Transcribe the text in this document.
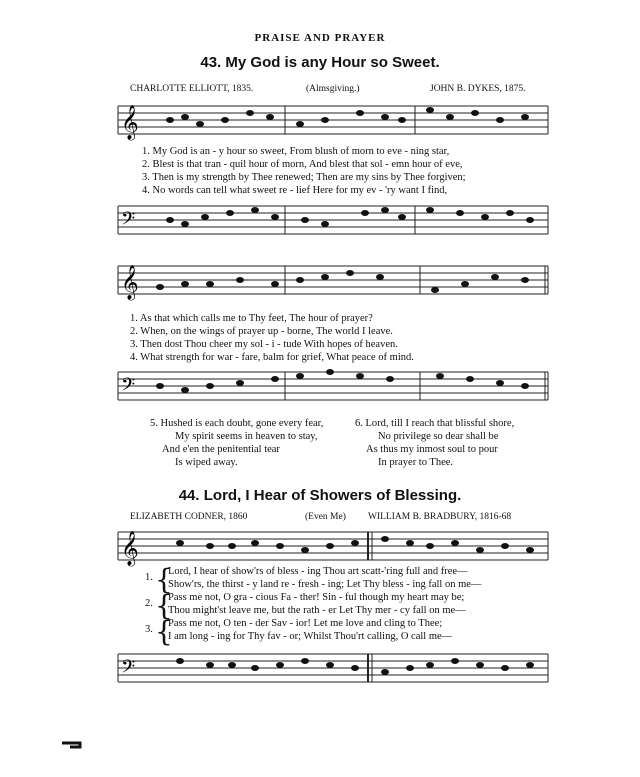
PRAISE AND PRAYER
43. My God is any Hour so Sweet.
CHARLOTTE ELLIOTT, 1835.	(Almsgiving.)	JOHN B. DYKES, 1875.
𝄞
1. My God is an - y hour so sweet, From blush of morn to eve - ning star,
2. Blest is that tran - quil hour of morn, And blest that sol - emn hour of eve,
3. Then is my strength by Thee renewed; Then are my sins by Thee forgiven;
4. No words can tell what sweet re - lief Here for my ev - 'ry want I find,
𝄢
𝄞
1. As that which calls me to Thy feet, The hour of prayer?
2. When, on the wings of prayer up - borne, The world I leave.
3. Then dost Thou cheer my sol - i - tude With hopes of heaven.
4. What strength for war - fare, balm for grief, What peace of mind.
𝄢
5. Hushed is each doubt, gone every fear,
My spirit seems in heaven to stay,
And e'en the penitential tear
Is wiped away.
6. Lord, till I reach that blissful shore,
No privilege so dear shall be
As thus my inmost soul to pour
In prayer to Thee.
44. Lord, I Hear of Showers of Blessing.
ELIZABETH CODNER, 1860	(Even Me) WILLIAM B. BRADBURY, 1816-68
𝄞
{
1.
Lord, I hear of show'rs of bless - ing Thou art scatt-'ring full and free—
Show'rs, the thirst - y land re - fresh - ing; Let Thy bless - ing fall on me—
{
2.
Pass me not, O gra - cious Fa - ther! Sin - ful though my heart may be;
Thou might'st leave me, but the rath - er Let Thy mer - cy fall on me—
{
3.
Pass me not, O ten - der Sav - ior! Let me love and cling to Thee;
I am long - ing for Thy fav - or; Whilst Thou'rt calling, O call me—
𝄢
